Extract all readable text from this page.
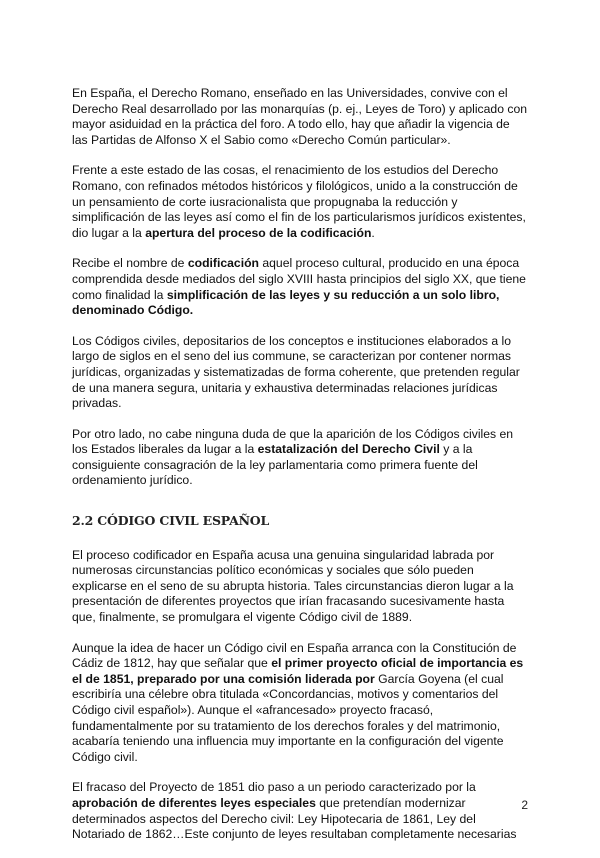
En España, el Derecho Romano, enseñado en las Universidades, convive con el Derecho Real desarrollado por las monarquías (p. ej., Leyes de Toro) y aplicado con mayor asiduidad en la práctica del foro. A todo ello, hay que añadir la vigencia de las Partidas de Alfonso X el Sabio como «Derecho Común particular».

Frente a este estado de las cosas, el renacimiento de los estudios del Derecho Romano, con refinados métodos históricos y filológicos, unido a la construcción de un pensamiento de corte iusracionalista que propugnaba la reducción y simplificación de las leyes así como el fin de los particularismos jurídicos existentes, dio lugar a la apertura del proceso de la codificación.

Recibe el nombre de codificación aquel proceso cultural, producido en una época comprendida desde mediados del siglo XVIII hasta principios del siglo XX, que tiene como finalidad la simplificación de las leyes y su reducción a un solo libro, denominado Código.

Los Códigos civiles, depositarios de los conceptos e instituciones elaborados a lo largo de siglos en el seno del ius commune, se caracterizan por contener normas jurídicas, organizadas y sistematizadas de forma coherente, que pretenden regular de una manera segura, unitaria y exhaustiva determinadas relaciones jurídicas privadas.

Por otro lado, no cabe ninguna duda de que la aparición de los Códigos civiles en los Estados liberales da lugar a la estatalización del Derecho Civil y a la consiguiente consagración de la ley parlamentaria como primera fuente del ordenamiento jurídico.

2.2 CÓDIGO CIVIL ESPAÑOL

El proceso codificador en España acusa una genuina singularidad labrada por numerosas circunstancias político económicas y sociales que sólo pueden explicarse en el seno de su abrupta historia. Tales circunstancias dieron lugar a la presentación de diferentes proyectos que irían fracasando sucesivamente hasta que, finalmente, se promulgara el vigente Código civil de 1889.

Aunque la idea de hacer un Código civil en España arranca con la Constitución de Cádiz de 1812, hay que señalar que el primer proyecto oficial de importancia es el de 1851, preparado por una comisión liderada por García Goyena (el cual escribiría una célebre obra titulada «Concordancias, motivos y comentarios del Código civil español»). Aunque el «afrancesado» proyecto fracasó, fundamentalmente por su tratamiento de los derechos forales y del matrimonio, acabaría teniendo una influencia muy importante en la configuración del vigente Código civil.

El fracaso del Proyecto de 1851 dio paso a un periodo caracterizado por la aprobación de diferentes leyes especiales que pretendían modernizar determinados aspectos del Derecho civil: Ley Hipotecaria de 1861, Ley del Notariado de 1862…Este conjunto de leyes resultaban completamente necesarias

2
